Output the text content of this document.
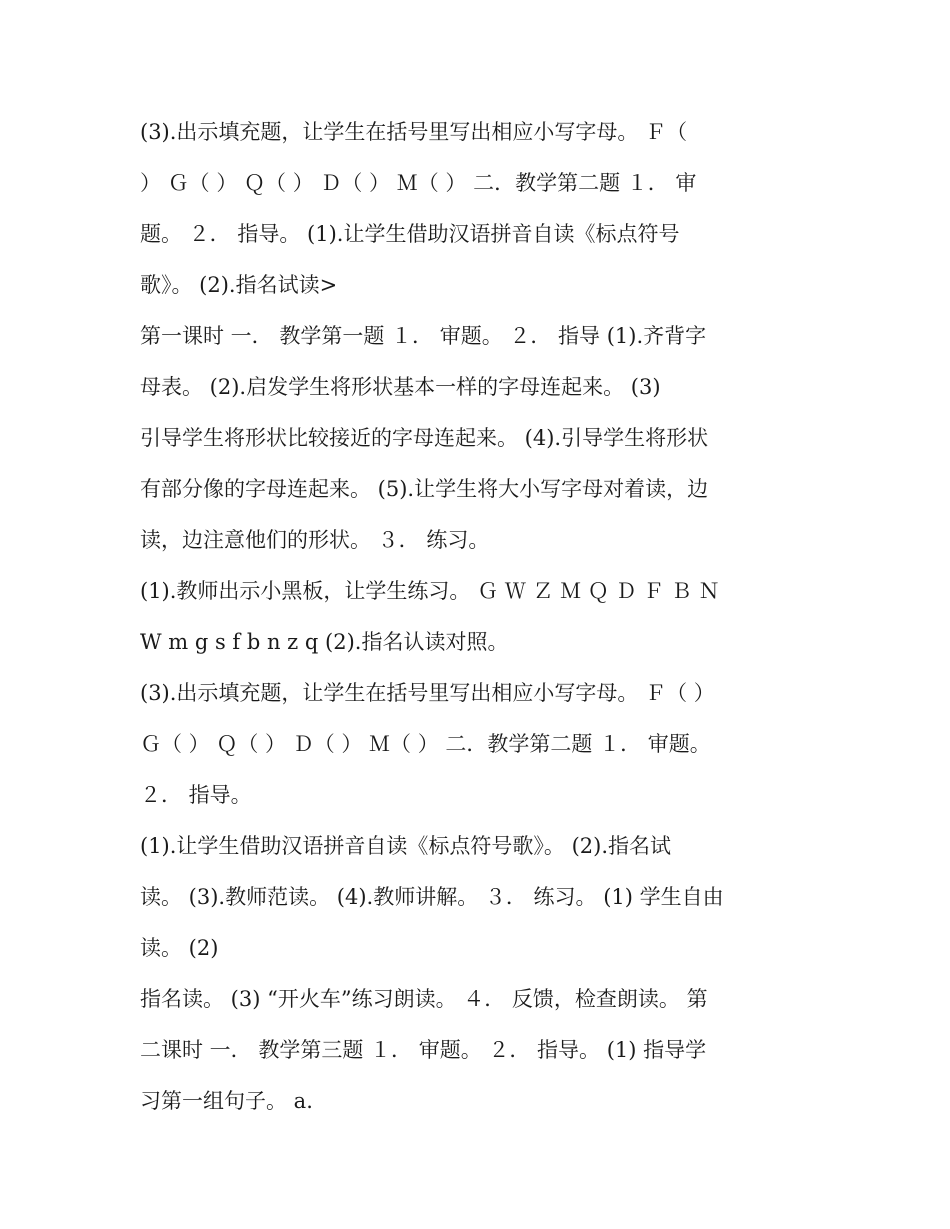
(3).出示填充题，让学生在括号里写出相应小写字母。 Ｆ（
） Ｇ（ ） Ｑ（ ） Ｄ（ ） Ｍ（ ） 二．教学第二题 １． 审
题。 ２． 指导。 (1).让学生借助汉语拼音自读《标点符号
歌》。 (2).指名试读>
第一课时 一． 教学第一题 １． 审题。 ２． 指导 (1).齐背字
母表。 (2).启发学生将形状基本一样的字母连起来。 (3)
引导学生将形状比较接近的字母连起来。 (4).引导学生将形状
有部分像的字母连起来。 (5).让学生将大小写字母对着读，边
读，边注意他们的形状。 ３． 练习。
(1).教师出示小黑板，让学生练习。 Ｇ Ｗ Ｚ Ｍ Ｑ Ｄ Ｆ Ｂ Ｎ
W m g s f b n z q (2).指名认读对照。
(3).出示填充题，让学生在括号里写出相应小写字母。 Ｆ（ ）
Ｇ（ ） Ｑ（ ） Ｄ（ ） Ｍ（ ） 二．教学第二题 １． 审题。
２． 指导。
(1).让学生借助汉语拼音自读《标点符号歌》。 (2).指名试
读。 (3).教师范读。 (4).教师讲解。 ３． 练习。 (1) 学生自由
读。 (2)
指名读。 (3) “开火车”练习朗读。 ４． 反馈，检查朗读。 第
二课时 一． 教学第三题 １． 审题。 ２． 指导。 (1) 指导学
习第一组句子。 a.
